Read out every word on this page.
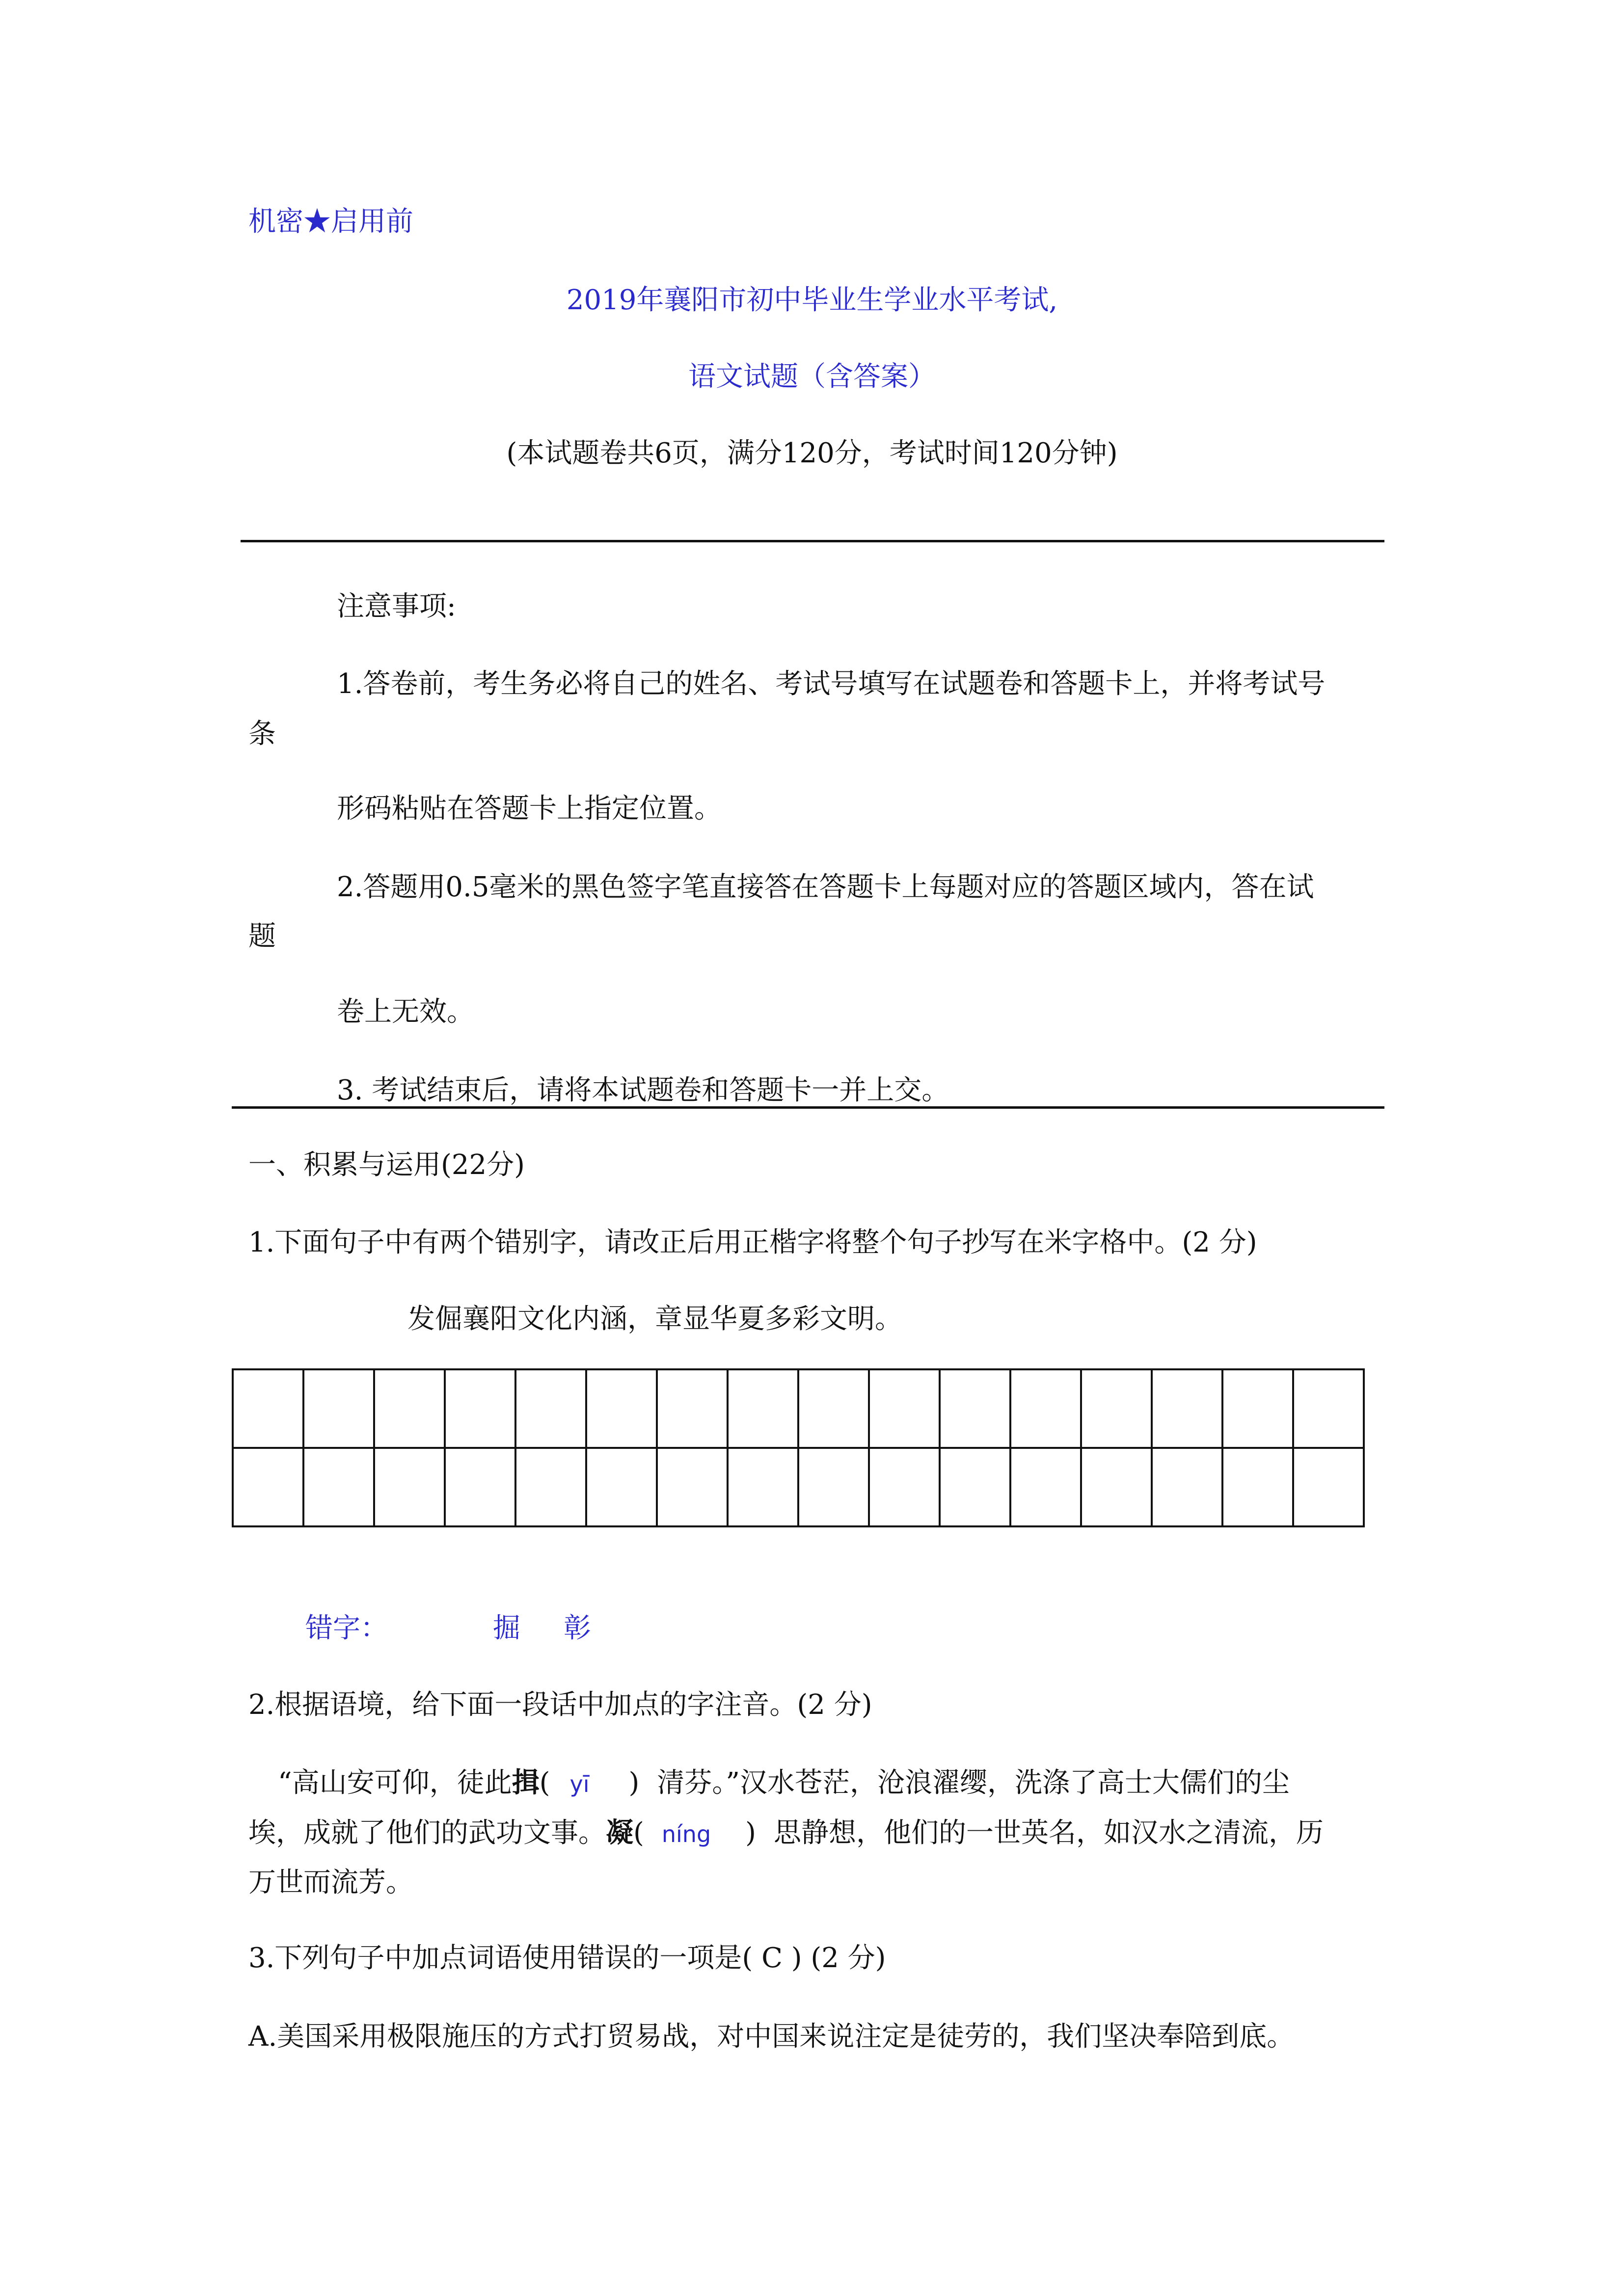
机密★启用前
2019年襄阳市初中毕业生学业水平考试,
语文试题（含答案）
(本试题卷共6页，满分120分，考试时间120分钟)
注意事项:
1.答卷前，考生务必将自己的姓名、考试号填写在试题卷和答题卡上，并将考试号
条
形码粘贴在答题卡上指定位置。
2.答题用0.5毫米的黑色签字笔直接答在答题卡上每题对应的答题区域内，答在试
题
卷上无效。
3. 考试结束后，请将本试题卷和答题卡一并上交。
一、积累与运用(22分)
1.下面句子中有两个错别字，请改正后用正楷字将整个句子抄写在米字格中。(2 分)
发倔襄阳文化内涵，章显华夏多彩文明。

错字：	掘 彰
2.根据语境，给下面一段话中加点的字注音。(2 分)
“高山安可仰，徒此揖( yī ) 清芬。”汉水苍茫，沧浪濯缨，洗涤了高士大儒们的尘
埃，成就了他们的武功文事。凝( níng ) 思静想，他们的一世英名，如汉水之清流，历
万世而流芳。
3.下列句子中加点词语使用错误的一项是( C ) (2 分)
A.美国采用极限施压的方式打贸易战，对中国来说注定是徒劳的，我们坚决奉陪到底。
